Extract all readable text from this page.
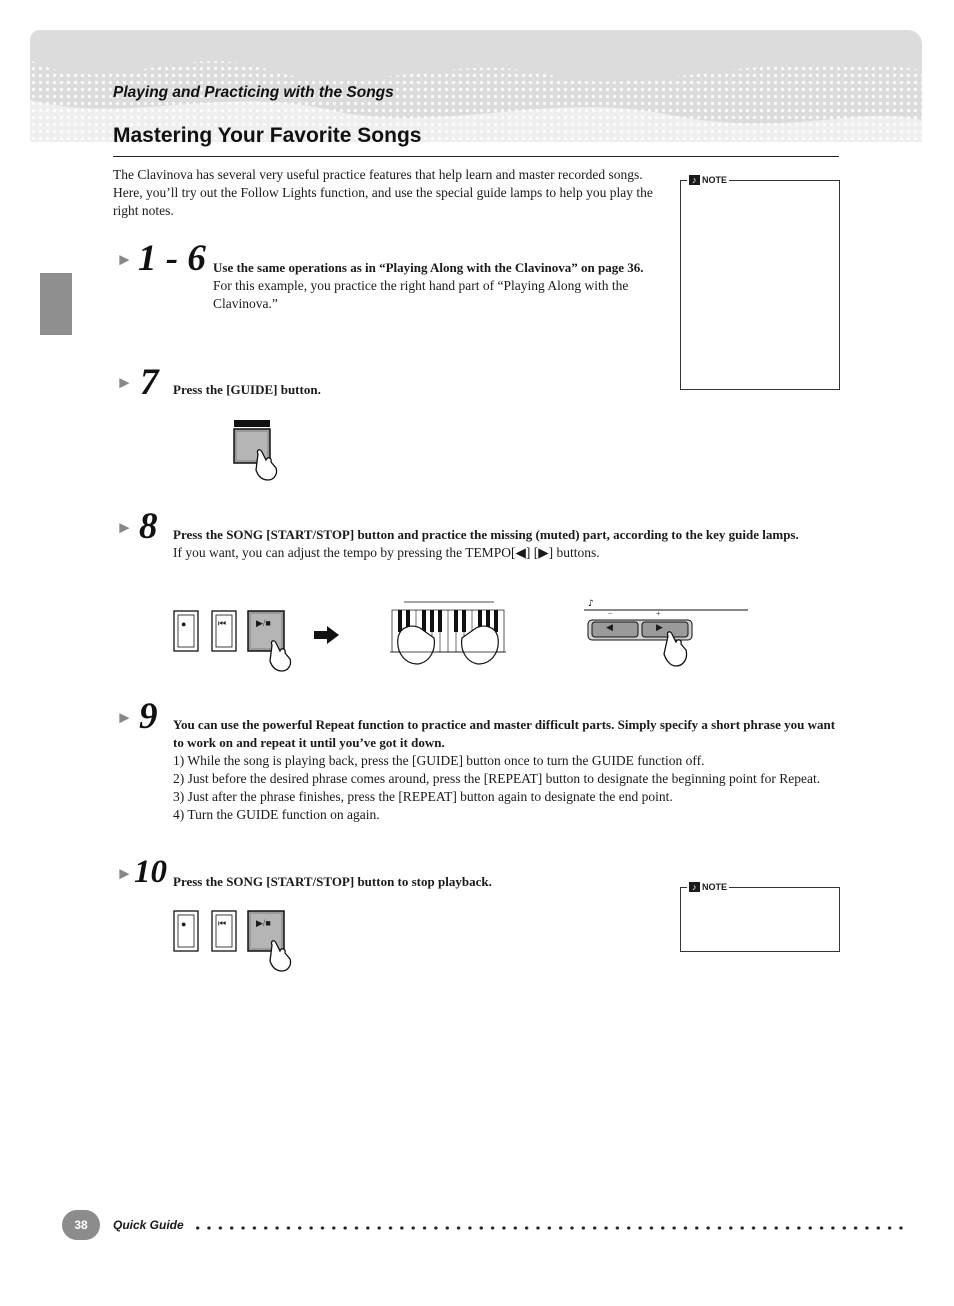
Playing and Practicing with the Songs
Mastering Your Favorite Songs
The Clavinova has several very useful practice features that help learn and master recorded songs. Here, you’ll try out the Follow Lights function, and use the special guide lamps to help you play the right notes.
♪ NOTE
♪ NOTE
► 1 - 6 Use the same operations as in “Playing Along with the Clavinova” on page 36.
For this example, you practice the right hand part of “Playing Along with the Clavinova.”
► 7 Press the [GUIDE] button.
► 8 Press the SONG [START/STOP] button and practice the missing (muted) part, according to the key guide lamps.
If you want, you can adjust the tempo by pressing the TEMPO[◀] [▶] buttons.
●	⏮	▶/■
♪
−	+
◀	▶
► 9 You can use the powerful Repeat function to practice and master difficult parts. Simply specify a short phrase you want to work on and repeat it until you’ve got it down.
1) While the song is playing back, press the [GUIDE] button once to turn the GUIDE function off.
2) Just before the desired phrase comes around, press the [REPEAT] button to designate the beginning point for Repeat.
3) Just after the phrase finishes, press the [REPEAT] button again to designate the end point.
4) Turn the GUIDE function on again.
► 10 Press the SONG [START/STOP] button to stop playback.
●	⏮	▶/■
38	Quick Guide
